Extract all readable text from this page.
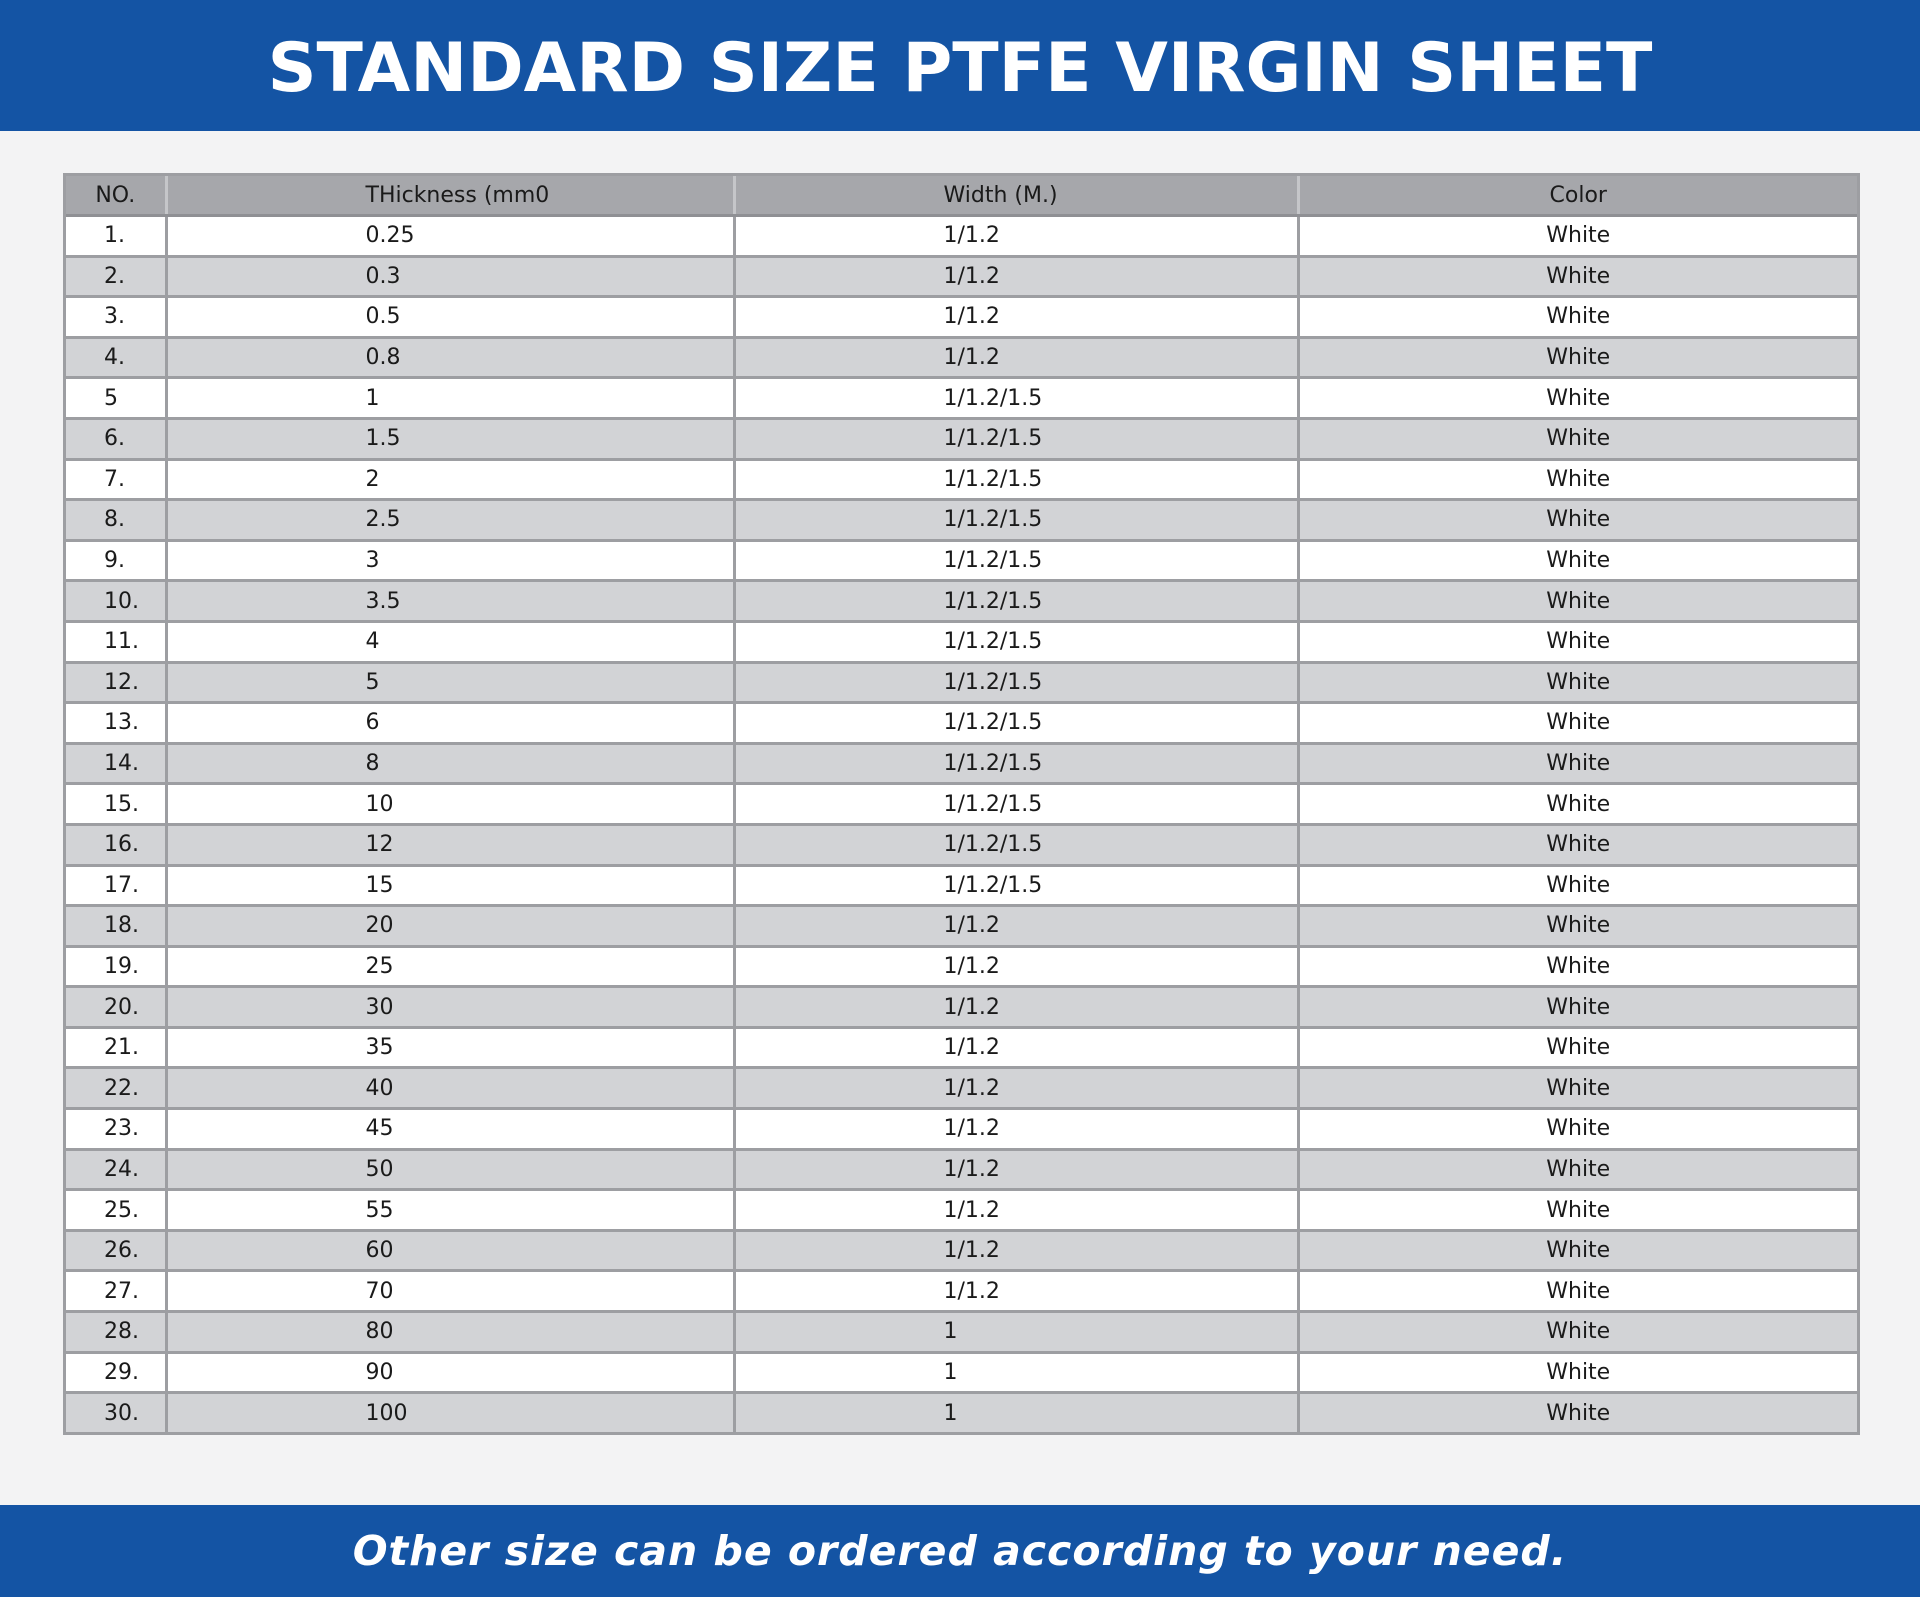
STANDARD SIZE PTFE VIRGIN SHEET
NO.	THickness (mm0	Width (M.)	Color
1.	0.25	1/1.2	White
2.	0.3	1/1.2	White
3.	0.5	1/1.2	White
4.	0.8	1/1.2	White
5	1	1/1.2/1.5	White
6.	1.5	1/1.2/1.5	White
7.	2	1/1.2/1.5	White
8.	2.5	1/1.2/1.5	White
9.	3	1/1.2/1.5	White
10.	3.5	1/1.2/1.5	White
11.	4	1/1.2/1.5	White
12.	5	1/1.2/1.5	White
13.	6	1/1.2/1.5	White
14.	8	1/1.2/1.5	White
15.	10	1/1.2/1.5	White
16.	12	1/1.2/1.5	White
17.	15	1/1.2/1.5	White
18.	20	1/1.2	White
19.	25	1/1.2	White
20.	30	1/1.2	White
21.	35	1/1.2	White
22.	40	1/1.2	White
23.	45	1/1.2	White
24.	50	1/1.2	White
25.	55	1/1.2	White
26.	60	1/1.2	White
27.	70	1/1.2	White
28.	80	1	White
29.	90	1	White
30.	100	1	White

Other size can be ordered according to your need.
